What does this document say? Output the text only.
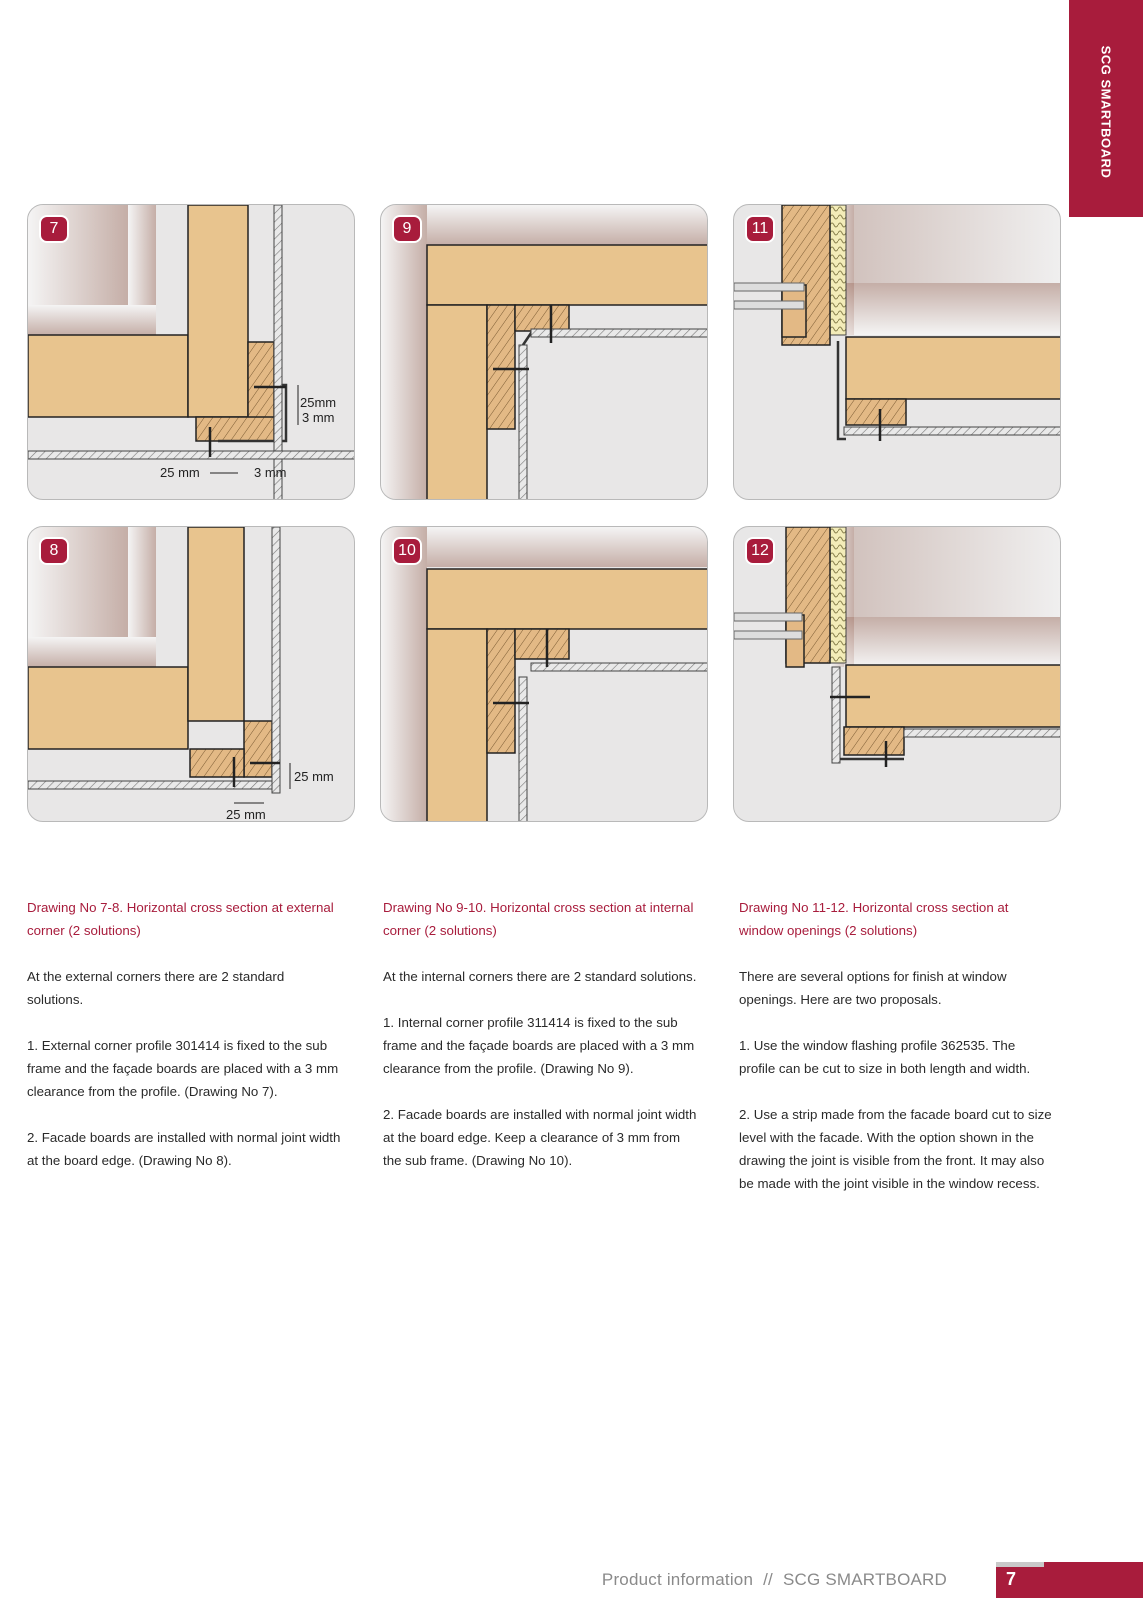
SCG SMARTBOARD
25mm
3 mm
25 mm	3 mm
7	9	11
25 mm
25 mm
8	10	12

Drawing No 7-8. Horizontal cross section at external corner (2 solutions)

At the external corners there are 2 standard solutions.

1. External corner profile 301414 is fixed to the sub frame and the façade boards are placed with a 3 mm clearance from the profile. (Drawing No 7).

2. Facade boards are installed with normal joint width at the board edge. (Drawing No 8).

Drawing No 9-10. Horizontal cross section at internal corner (2 solutions)

At the internal corners there are 2 standard solutions.

1. Internal corner profile 311414 is fixed to the sub frame and the façade boards are placed with a 3 mm clearance from the profile. (Drawing No 9).

2. Facade boards are installed with normal joint width at the board edge. Keep a clearance of 3 mm from the sub frame. (Drawing No 10).

Drawing No 11-12. Horizontal cross section at window openings (2 solutions)

There are several options for finish at window openings. Here are two proposals.

1. Use the window flashing profile 362535. The profile can be cut to size in both length and width.

2. Use a strip made from the facade board cut to size level with the facade. With the option shown in the drawing the joint is visible from the front. It may also be made with the joint visible in the window recess.

Product information // SCG SMARTBOARD	7
